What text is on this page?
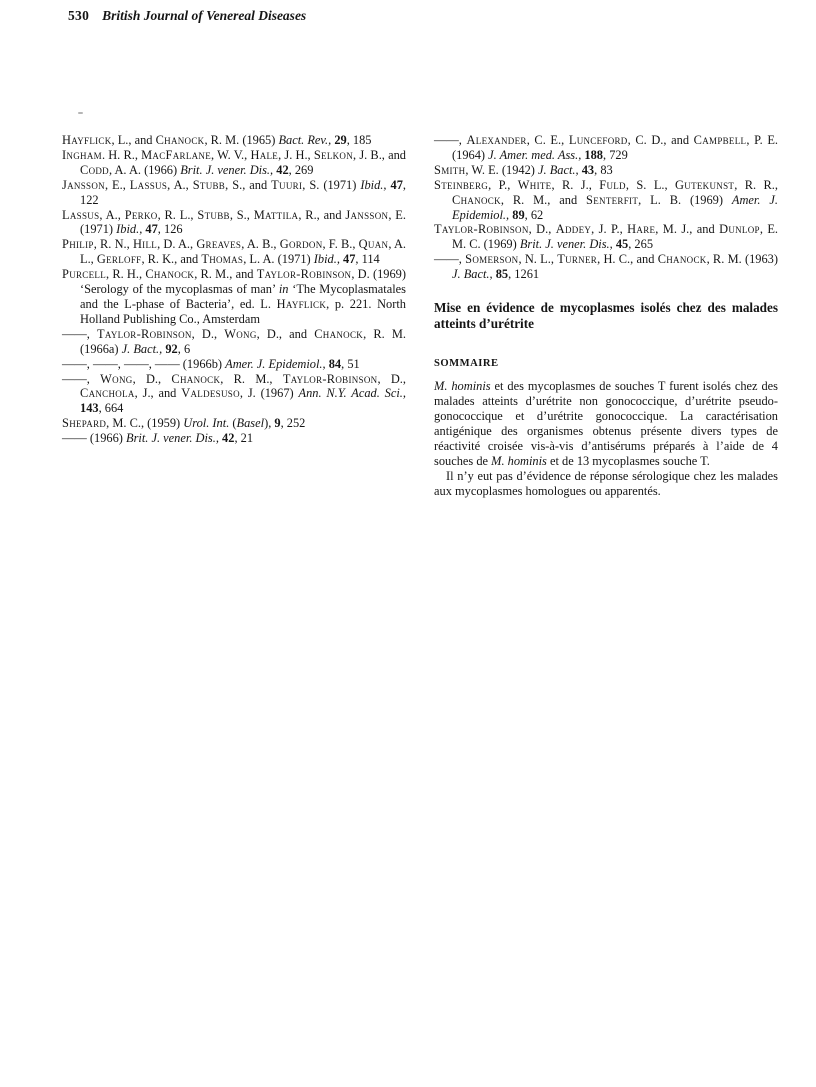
530 British Journal of Venereal Diseases

Hayflick, L., and Chanock, R. M. (1965) Bact. Rev., 29, 185

Ingham. H. R., MacFarlane, W. V., Hale, J. H., Selkon, J. B., and Codd, A. A. (1966) Brit. J. vener. Dis., 42, 269

Jansson, E., Lassus, A., Stubb, S., and Tuuri, S. (1971) Ibid., 47, 122

Lassus, A., Perko, R. L., Stubb, S., Mattila, R., and Jansson, E. (1971) Ibid., 47, 126

Philip, R. N., Hill, D. A., Greaves, A. B., Gordon, F. B., Quan, A. L., Gerloff, R. K., and Thomas, L. A. (1971) Ibid., 47, 114

Purcell, R. H., Chanock, R. M., and Taylor-Robinson, D. (1969) ‘Serology of the mycoplasmas of man’ in ‘The Mycoplasmatales and the L-phase of Bacteria’, ed. L. Hayflick, p. 221. North Holland Publishing Co., Amsterdam

——, Taylor-Robinson, D., Wong, D., and Chanock, R. M. (1966a) J. Bact., 92, 6

——, ——, ——, —— (1966b) Amer. J. Epidemiol., 84, 51

——, Wong, D., Chanock, R. M., Taylor-Robinson, D., Canchola, J., and Valdesuso, J. (1967) Ann. N.Y. Acad. Sci., 143, 664

Shepard, M. C., (1959) Urol. Int. (Basel), 9, 252

—— (1966) Brit. J. vener. Dis., 42, 21

——, Alexander, C. E., Lunceford, C. D., and Campbell, P. E. (1964) J. Amer. med. Ass., 188, 729

Smith, W. E. (1942) J. Bact., 43, 83

Steinberg, P., White, R. J., Fuld, S. L., Gutekunst, R. R., Chanock, R. M., and Senterfit, L. B. (1969) Amer. J. Epidemiol., 89, 62

Taylor-Robinson, D., Addey, J. P., Hare, M. J., and Dunlop, E. M. C. (1969) Brit. J. vener. Dis., 45, 265

——, Somerson, N. L., Turner, H. C., and Chanock, R. M. (1963) J. Bact., 85, 1261

Mise en évidence de mycoplasmes isolés chez des malades atteints d’urétrite
SOMMAIRE

M. hominis et des mycoplasmes de souches T furent isolés chez des malades atteints d’urétrite non gonococcique, d’urétrite pseudo-gonococcique et d’urétrite gonococcique. La caractérisation antigénique des organismes obtenus présente divers types de réactivité croisée vis-à-vis d’antisérums préparés à l’aide de 4 souches de M. hominis et de 13 mycoplasmes souche T.

Il n’y eut pas d’évidence de réponse sérologique chez les malades aux mycoplasmes homologues ou apparentés.
